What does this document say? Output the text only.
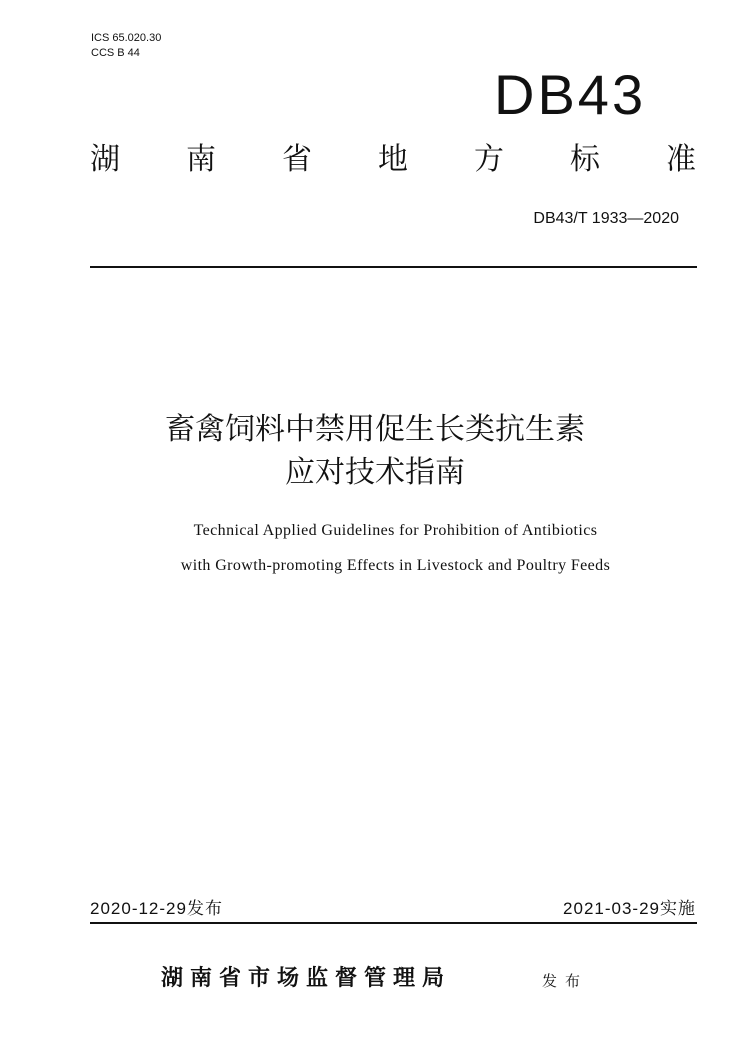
ICS 65.020.30
CCS B 44
DB43
湖 南 省 地 方 标 准
DB43/T 1933—2020
畜禽饲料中禁用促生长类抗生素
应对技术指南
Technical Applied Guidelines for Prohibition of Antibiotics
with Growth-promoting Effects in Livestock and Poultry Feeds
2020-12-29发布	2021-03-29实施
湖南省市场监督管理局	发布
